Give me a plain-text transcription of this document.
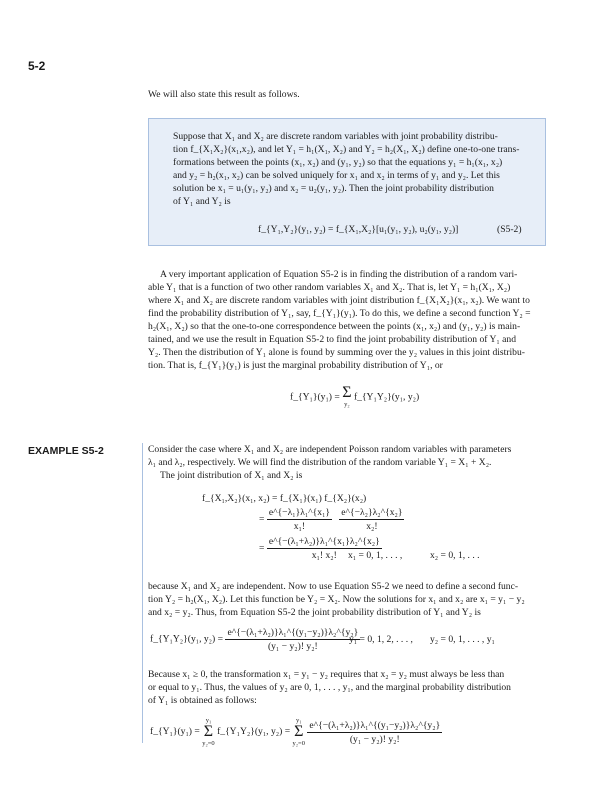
5-2
We will also state this result as follows.
Suppose that X₁ and X₂ are discrete random variables with joint probability distribu-
tion f_{X₁X₂}(x₁,x₂), and let Y₁ = h₁(X₁, X₂) and Y₂ = h₂(X₁, X₂) define one-to-one trans-
formations between the points (x₁, x₂) and (y₁, y₂) so that the equations y₁ = h₁(x₁, x₂)
and y₂ = h₂(x₁, x₂) can be solved uniquely for x₁ and x₂ in terms of y₁ and y₂. Let this
solution be x₁ = u₁(y₁, y₂) and x₂ = u₂(y₁, y₂). Then the joint probability distribution
of Y₁ and Y₂ is
f_{Y₁,Y₂}(y₁, y₂) = f_{X₁,X₂}[u₁(y₁, y₂), u₂(y₁, y₂)]	(S5-2)
A very important application of Equation S5-2 is in finding the distribution of a random vari-
able Y₁ that is a function of two other random variables X₁ and X₂. That is, let Y₁ = h₁(X₁, X₂)
where X₁ and X₂ are discrete random variables with joint distribution f_{X₁X₂}(x₁, x₂). We want to
find the probability distribution of Y₁, say, f_{Y₁}(y₁). To do this, we define a second function Y₂ =
h₂(X₁, X₂) so that the one-to-one correspondence between the points (x₁, x₂) and (y₁, y₂) is main-
tained, and we use the result in Equation S5-2 to find the joint probability distribution of Y₁ and
Y₂. Then the distribution of Y₁ alone is found by summing over the y₂ values in this joint distribu-
tion. That is, f_{Y₁}(y₁) is just the marginal probability distribution of Y₁, or
f_{Y₁}(y₁) = Σ
y₂
f_{Y₁Y₂}(y₁, y₂)
EXAMPLE S5-2	Consider the case where X₁ and X₂ are independent Poisson random variables with parameters
λ₁ and λ₂, respectively. We will find the distribution of the random variable Y₁ = X₁ + X₂.
The joint distribution of X₁ and X₂ is
f_{X₁,X₂}(x₁, x₂) = f_{X₁}(x₁) f_{X₂}(x₂)
= $\frac{\text{e\textasciicircum{}\{−λ₁\}λ₁\textasciicircum{}\{x₁\}}}{\text{x₁!}}$
$\frac{\text{e\textasciicircum{}\{−λ₂\}λ₂\textasciicircum{}\{x₂\}}}{\text{x₂!}}$
= $\frac{\text{e\textasciicircum{}\{−(λ₁+λ₂)\}λ₁\textasciicircum{}\{x₁\}λ₂\textasciicircum{}\{x₂\}}}{\text{x₁! x₂!}}$
x₁ = 0, 1, . . . ,	x₂ = 0, 1, . . .
because X₁ and X₂ are independent. Now to use Equation S5-2 we need to define a second func-
tion Y₂ = h₂(X₁, X₂). Let this function be Y₂ = X₂. Now the solutions for x₁ and x₂ are x₁ = y₁ − y₂
and x₂ = y₂. Thus, from Equation S5-2 the joint probability distribution of Y₁ and Y₂ is
f_{Y₁Y₂}(y₁, $y_2) = \frac{\text{e\textasciicircum{}\{−(λ₁+λ₂)\}λ₁\textasciicircum{}\{(y₁−y₂)\}λ₂\textasciicircum{}\{y₂\}}}{\text{(y₁ − y₂)! y₂!}}$
y₁ = 0, 1, 2, . . . , y₂ = 0, 1, . . . , y₁
Because x₁ ≥ 0, the transformation x₁ = y₁ − y₂ requires that x₂ = y₂ must always be less than
or equal to y₁. Thus, the values of y₂ are 0, 1, . . . , y₁, and the marginal probability distribution
of Y₁ is obtained as follows:
f_{Y₁}(y₁) =
y₁
Σ
y₂=0
f_{Y₁Y₂}(y₁, y₂) =
y₁
Σ
y₂=0
$\frac{\text{e\textasciicircum{}\{−(λ₁+λ₂)\}λ₁\textasciicircum{}\{(y₁−y₂)\}λ₂\textasciicircum{}\{y₂\}}}{\text{(y₁ − y₂)! y₂!}}$
